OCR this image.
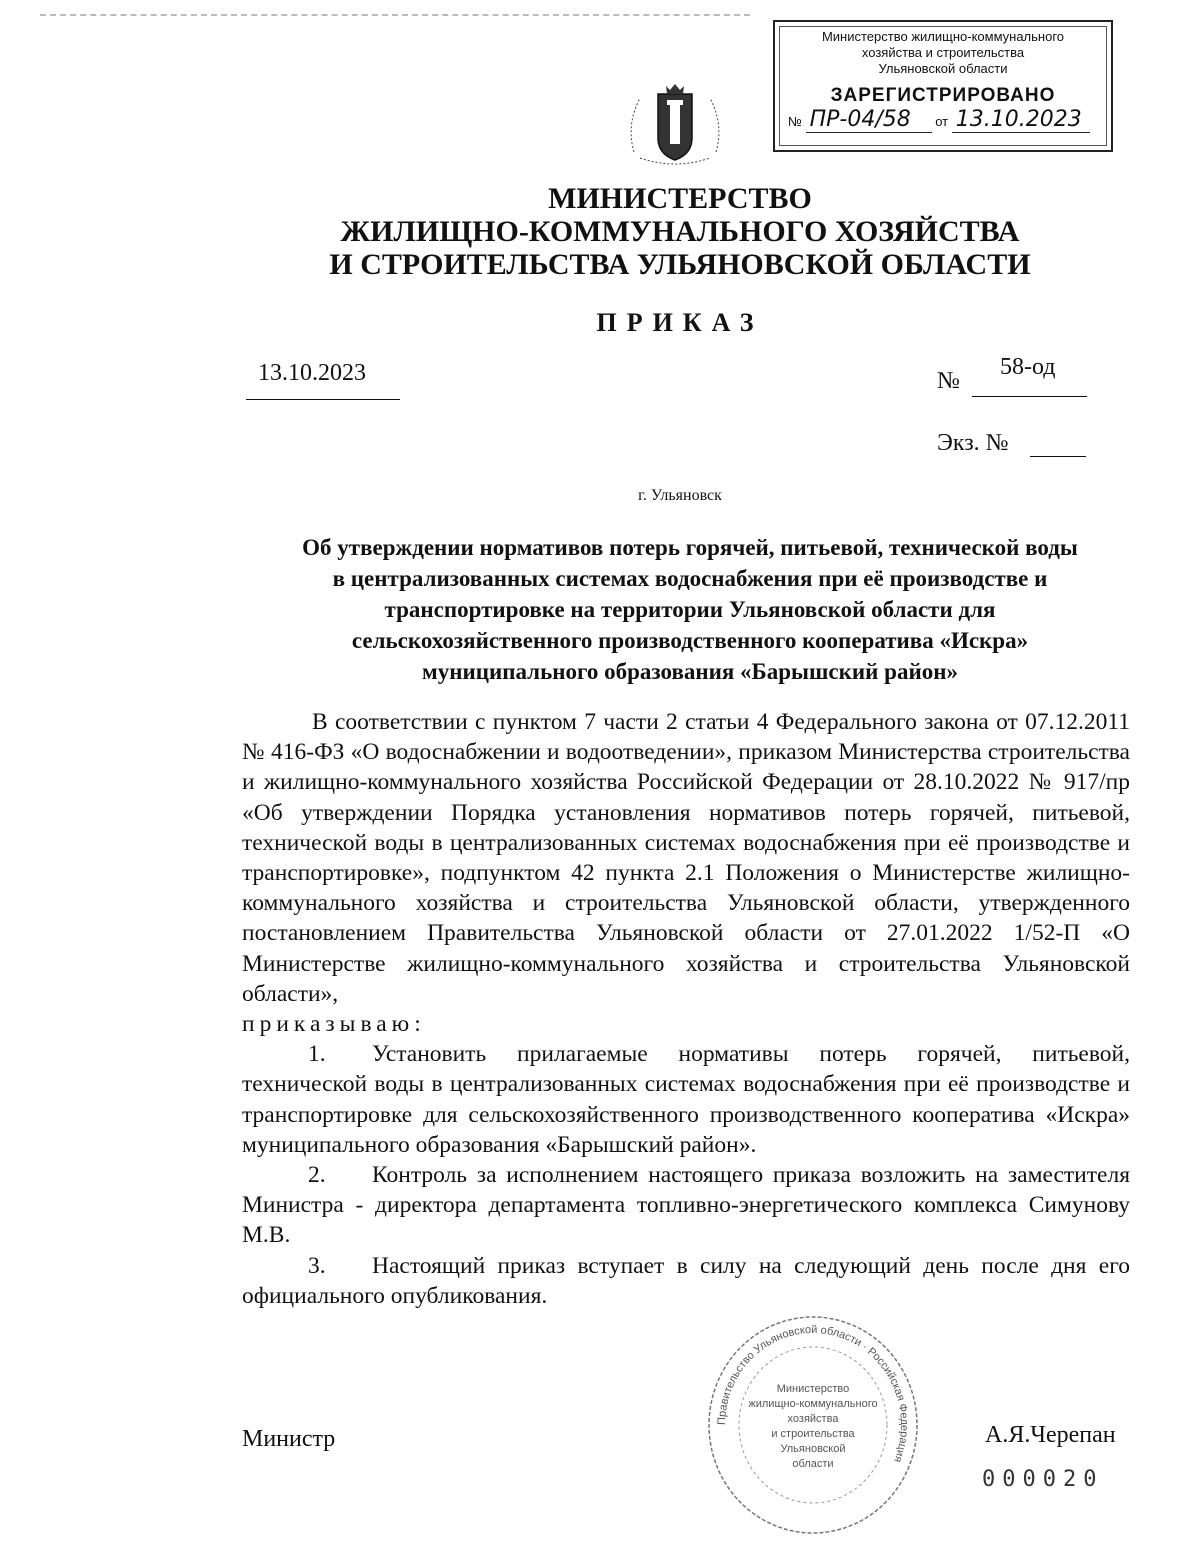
Министерство жилищно-коммунального
хозяйства и строительства
Ульяновской области
ЗАРЕГИСТРИРОВАНО
№ ПР-04/58 от 13.10.2023
МИНИСТЕРСТВО
ЖИЛИЩНО-КОММУНАЛЬНОГО ХОЗЯЙСТВА
И СТРОИТЕЛЬСТВА УЛЬЯНОВСКОЙ ОБЛАСТИ
ПРИКАЗ
13.10.2023	№
58-од
Экз. №
г. Ульяновск
Об утверждении нормативов потерь горячей, питьевой, технической воды
в централизованных системах водоснабжения при её производстве и
транспортировке на территории Ульяновской области для
сельскохозяйственного производственного кооператива «Искра»
муниципального образования «Барышский район»

В соответствии с пунктом 7 части 2 статьи 4 Федерального закона от 07.12.2011 № 416-ФЗ «О водоснабжении и водоотведении», приказом Министерства строительства и жилищно-коммунального хозяйства Российской Федерации от 28.10.2022 № 917/пр «Об утверждении Порядка установления нормативов потерь горячей, питьевой, технической воды в централизованных системах водоснабжения при её производстве и транспортировке», подпунктом 42 пункта 2.1 Положения о Министерстве жилищно-коммунального хозяйства и строительства Ульяновской области, утвержденного постановлением Правительства Ульяновской области от 27.01.2022 1/52-П «О Министерстве жилищно-коммунального хозяйства и строительства Ульяновской области»,

приказываю:

1. Установить прилагаемые нормативы потерь горячей, питьевой, технической воды в централизованных системах водоснабжения при её производстве и транспортировке для сельскохозяйственного производственного кооператива «Искра» муниципального образования «Барышский район».

2. Контроль за исполнением настоящего приказа возложить на заместителя Министра - директора департамента топливно-энергетического комплекса Симунову М.В.

3. Настоящий приказ вступает в силу на следующий день после дня его официального опубликования.

Правительство Ульяновской области · Российская Федерация
Министерство
жилищно-коммунального
хозяйства
и строительства
Ульяновской
области
Министр	А.Я.Черепан
000020
